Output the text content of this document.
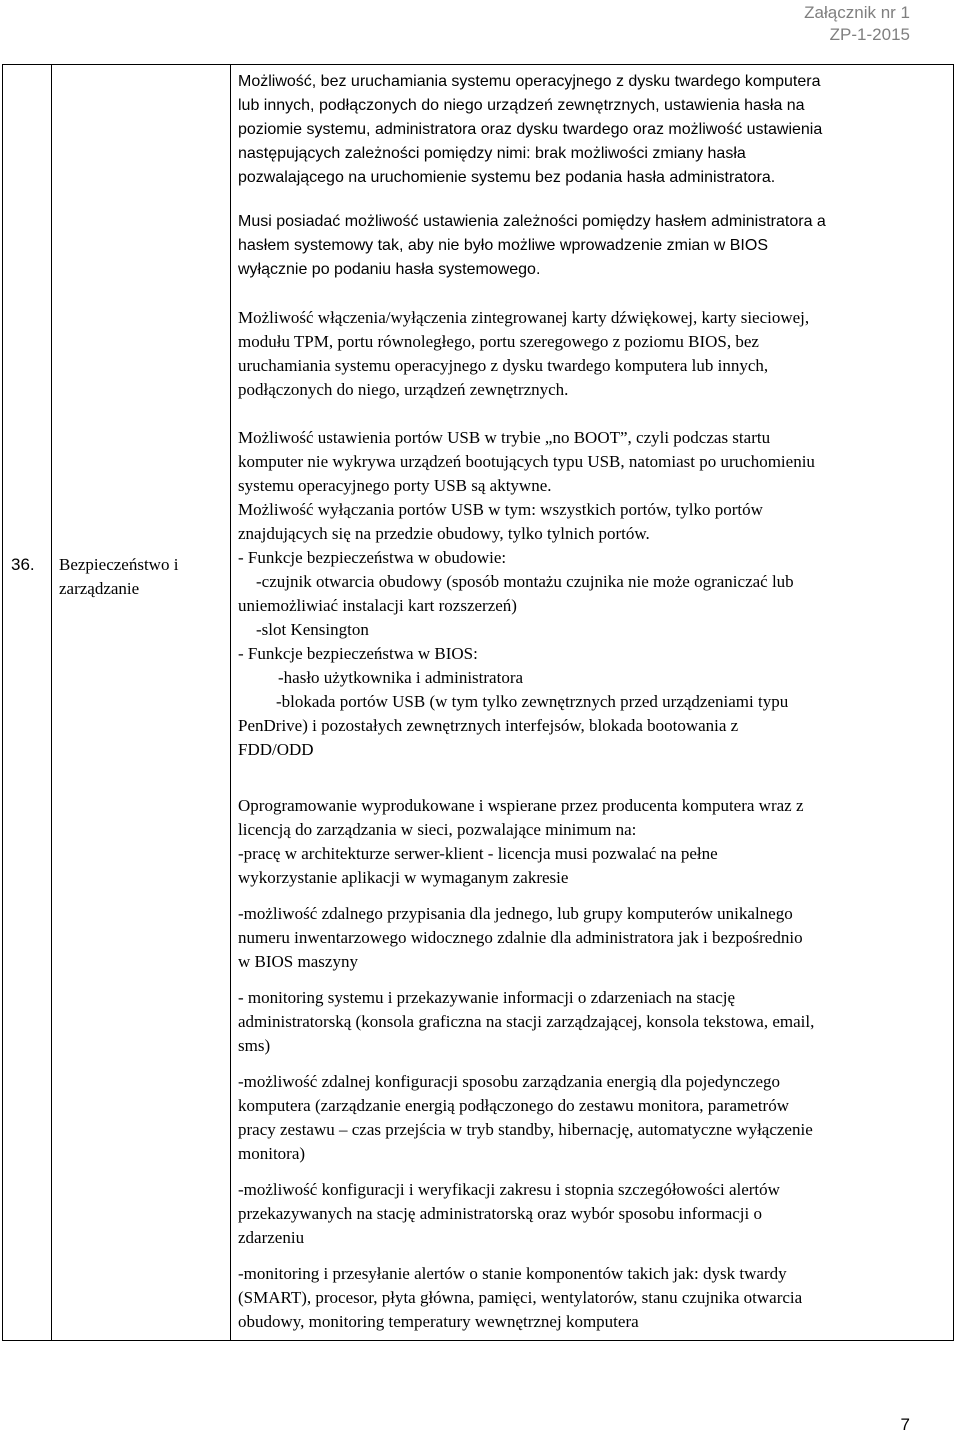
Załącznik nr 1
ZP-1-2015
36. Bezpieczeństwo i zarządzanie

Możliwość, bez uruchamiania systemu operacyjnego z dysku twardego komputera

lub innych, podłączonych do niego urządzeń zewnętrznych, ustawienia hasła na

poziomie systemu, administratora oraz dysku twardego oraz możliwość ustawienia

następujących zależności pomiędzy nimi: brak możliwości zmiany hasła

pozwalającego na uruchomienie systemu bez podania hasła administratora.

Musi posiadać możliwość ustawienia zależności pomiędzy hasłem administratora a

hasłem systemowy tak, aby nie było możliwe wprowadzenie zmian w BIOS

wyłącznie po podaniu hasła systemowego.

Możliwość włączenia/wyłączenia zintegrowanej karty dźwiękowej, karty sieciowej,

modułu TPM, portu równoległego, portu szeregowego z poziomu BIOS, bez

uruchamiania systemu operacyjnego z dysku twardego komputera lub innych,

podłączonych do niego, urządzeń zewnętrznych.

Możliwość ustawienia portów USB w trybie „no BOOT”, czyli podczas startu

komputer nie wykrywa urządzeń bootujących typu USB, natomiast po uruchomieniu

systemu operacyjnego porty USB są aktywne.

Możliwość wyłączania portów USB w tym: wszystkich portów, tylko portów

znajdujących się na przedzie obudowy, tylko tylnich portów.

- Funkcje bezpieczeństwa w obudowie:

-czujnik otwarcia obudowy (sposób montażu czujnika nie może ograniczać lub

uniemożliwiać instalacji kart rozszerzeń)

-slot Kensington

- Funkcje bezpieczeństwa w BIOS:

-hasło użytkownika i administratora

-blokada portów USB (w tym tylko zewnętrznych przed urządzeniami typu

PenDrive) i pozostałych zewnętrznych interfejsów, blokada bootowania z

FDD/ODD

Oprogramowanie wyprodukowane i wspierane przez producenta komputera wraz z

licencją do zarządzania w sieci, pozwalające minimum na:

-pracę w architekturze serwer-klient - licencja musi pozwalać na pełne

wykorzystanie aplikacji w wymaganym zakresie

-możliwość zdalnego przypisania dla jednego, lub grupy komputerów unikalnego

numeru inwentarzowego widocznego zdalnie dla administratora jak i bezpośrednio

w BIOS maszyny

- monitoring systemu i przekazywanie informacji o zdarzeniach na stację

administratorską (konsola graficzna na stacji zarządzającej, konsola tekstowa, email,

sms)

-możliwość zdalnej konfiguracji sposobu zarządzania energią dla pojedynczego

komputera (zarządzanie energią podłączonego do zestawu monitora, parametrów

pracy zestawu – czas przejścia w tryb standby, hibernację, automatyczne wyłączenie

monitora)

-możliwość konfiguracji i weryfikacji zakresu i stopnia szczegółowości alertów

przekazywanych na stację administratorską oraz wybór sposobu informacji o

zdarzeniu

-monitoring i przesyłanie alertów o stanie komponentów takich jak: dysk twardy

(SMART), procesor, płyta główna, pamięci, wentylatorów, stanu czujnika otwarcia

obudowy, monitoring temperatury wewnętrznej komputera

7
